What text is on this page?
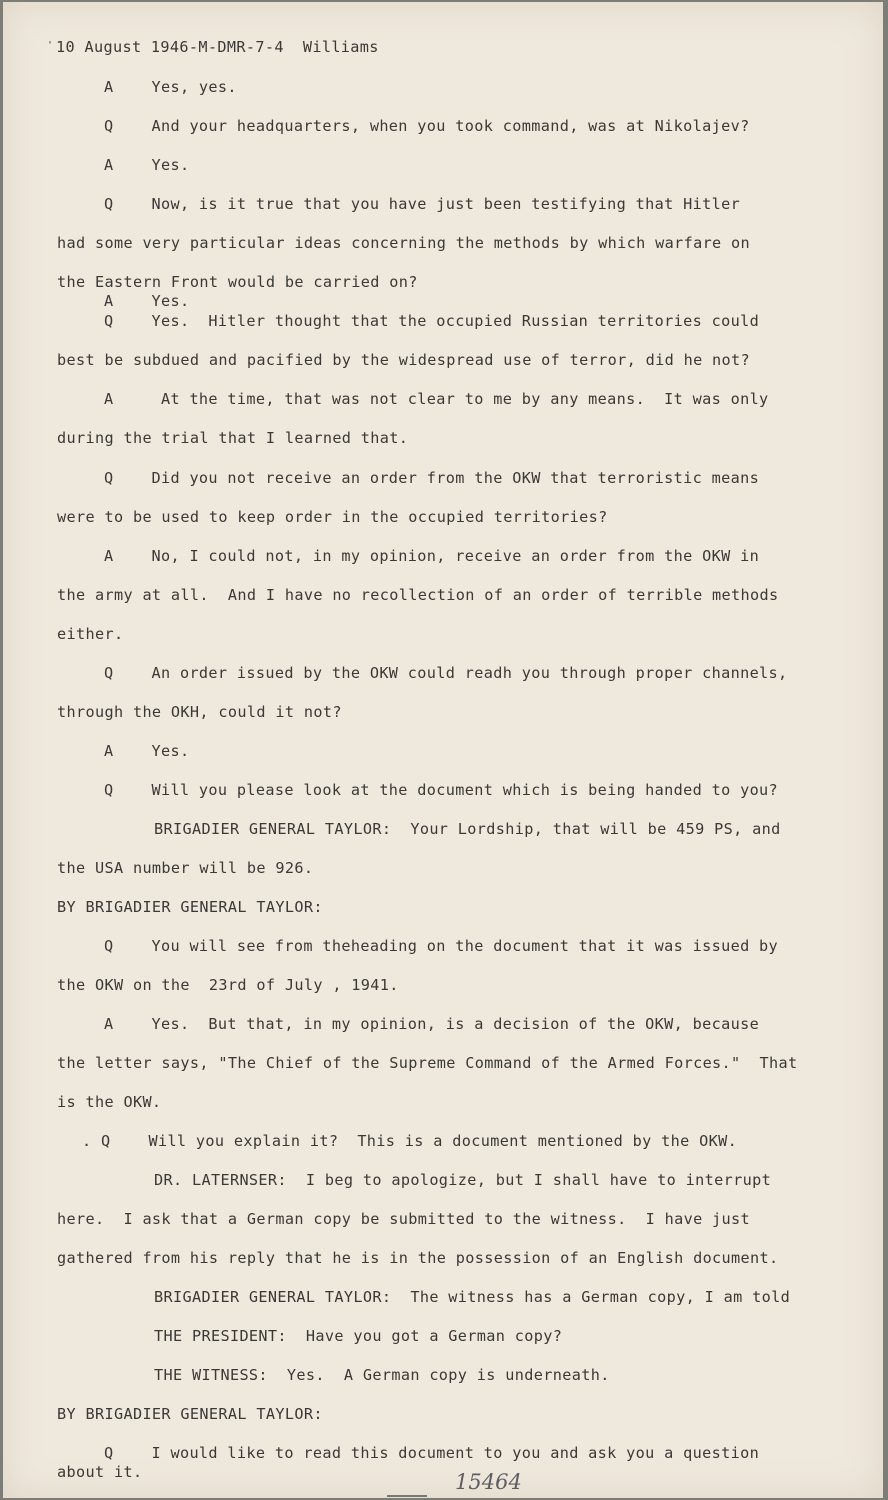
' 10 August 1946-M-DMR-7-4  Williams

A    Yes, yes.

Q    And your headquarters, when you took command, was at Nikolajev?

A    Yes.

Q    Now, is it true that you have just been testifying that Hitler

had some very particular ideas concerning the methods by which warfare on

the Eastern Front would be carried on?

A    Yes.

Q    Yes.  Hitler thought that the occupied Russian territories could

best be subdued and pacified by the widespread use of terror, did he not?

A     At the time, that was not clear to me by any means.  It was only

during the trial that I learned that.

Q    Did you not receive an order from the OKW that terroristic means

were to be used to keep order in the occupied territories?

A    No, I could not, in my opinion, receive an order from the OKW in

the army at all.  And I have no recollection of an order of terrible methods

either.

Q    An order issued by the OKW could readh you through proper channels,

through the OKH, could it not?

A    Yes.

Q    Will you please look at the document which is being handed to you?

BRIGADIER GENERAL TAYLOR:  Your Lordship, that will be 459 PS, and

the USA number will be 926.

BY BRIGADIER GENERAL TAYLOR:

Q    You will see from theheading on the document that it was issued by

the OKW on the  23rd of July , 1941.

A    Yes.  But that, in my opinion, is a decision of the OKW, because

the letter says, "The Chief of the Supreme Command of the Armed Forces."  That

is the OKW.

. Q    Will you explain it?  This is a document mentioned by the OKW.

DR. LATERNSER:  I beg to apologize, but I shall have to interrupt

here.  I ask that a German copy be submitted to the witness.  I have just

gathered from his reply that he is in the possession of an English document.

BRIGADIER GENERAL TAYLOR:  The witness has a German copy, I am told

THE PRESIDENT:  Have you got a German copy?

THE WITNESS:  Yes.  A German copy is underneath.

BY BRIGADIER GENERAL TAYLOR:

Q    I would like to read this document to you and ask you a question

about it.	15464
